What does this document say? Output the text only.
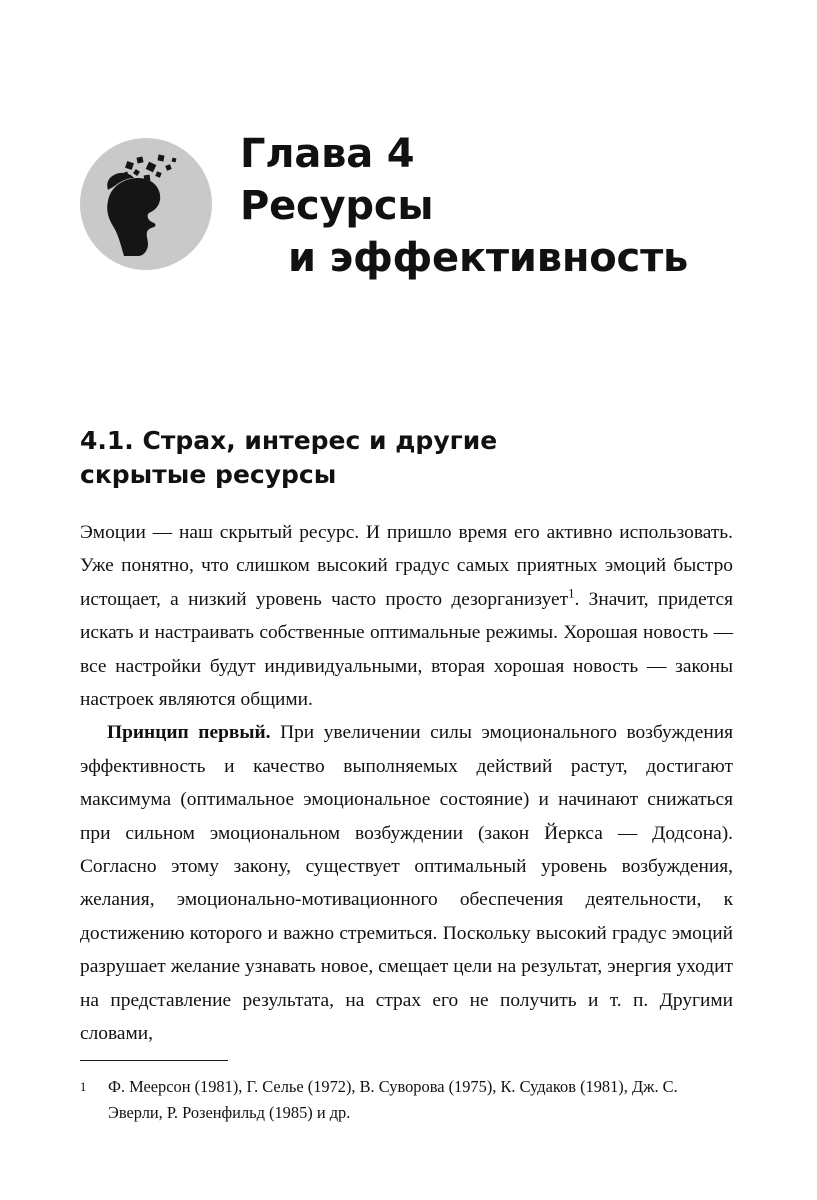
Глава 4
Ресурсы
и эффективность
4.1. Страх, интерес и другие
скрытые ресурсы

Эмоции — наш скрытый ресурс. И пришло время его активно использовать. Уже понятно, что слишком высокий градус самых приятных эмоций быстро истощает, а низкий уровень часто просто дезорганизует$^1$. Значит, придется искать и настраивать собственные оптимальные режимы. Хорошая новость — все настройки будут индивидуальными, вторая хорошая новость — законы настроек являются общими.

Принцип первый. При увеличении силы эмоционального возбуждения эффективность и качество выполняемых действий растут, достигают максимума (оптимальное эмоциональное состояние) и начинают снижаться при сильном эмоциональном возбуждении (закон Йеркса — Додсона). Согласно этому закону, существует оптимальный уровень возбуждения, желания, эмоционально-мотивационного обеспечения деятельности, к достижению которого и важно стремиться. Поскольку высокий градус эмоций разрушает желание узнавать новое, смещает цели на результат, энергия уходит на представление результата, на страх его не получить и т. п. Другими словами,

1 Ф. Меерсон (1981), Г. Селье (1972), В. Суворова (1975), К. Судаков (1981), Дж. С. Эверли, Р. Розенфильд (1985) и др.
